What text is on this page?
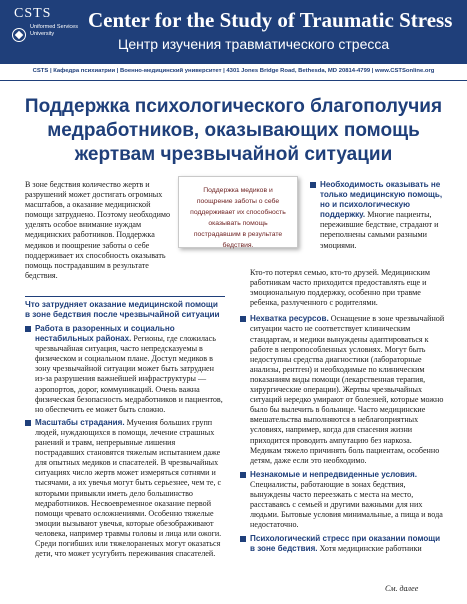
CSTS
Uniformed Services University
Center for the Study of Traumatic Stress
Центр изучения травматического стресса
CSTS | Кафедра психиатрии | Военно-медицинский университет | 4301 Jones Bridge Road, Bethesda, MD 20814-4799 | www.CSTSonline.org
Поддержка психологического благополучия медработников, оказывающих помощь жертвам чрезвычайной ситуации
В зоне бедствия количество жертв и разрушений может достигать огромных масштабов, а оказание медицинской помощи затруднено. Поэтому необходимо уделять особое внимание нуждам медицинских работников. Поддержка медиков и поощрение заботы о себе поддерживает их способность оказывать помощь пострадавшим в результате бедствия.
Поддержка медиков и поощрение заботы о себе поддерживает их способность оказывать помощь пострадавшим в результате бедствия.
Что затрудняет оказание медицинской помощи в зоне бедствия после чрезвычайной ситуации
Работа в разоренных и социально нестабильных районах. Регионы, где сложилась чрезвычайная ситуация, часто непредсказуемы в физическом и социальном плане. Доступ медиков в зону чрезвычайной ситуации может быть затруднен из-за разрушения важнейшей инфраструктуры — аэропортов, дорог, коммуникаций. Очень важна физическая безопасность медработников и пациентов, но обеспечить ее может быть сложно.
Масштабы страдания. Мучения больших групп людей, нуждающихся в помощи, лечение страшных ранений и травм, непрерывные лишения пострадавших становятся тяжелым испытанием даже для опытных медиков и спасателей. В чрезвычайных ситуациях число жертв может измеряться сотнями и тысячами, а их увечья могут быть серьезнее, чем те, с которыми привыкли иметь дело большинство медработников. Несвоевременное оказание первой помощи чревато осложнениями. Особенно тяжелые эмоции вызывают увечья, которые обезображивают человека, например травмы головы и лица или ожоги. Среди погибших или тяжелораненых могут оказаться дети, что может усугубить переживания спасателей.
Необходимость оказывать не только медицинскую помощь, но и психологическую поддержку. Многие пациенты, пережившие бедствие, страдают и переполнены самыми разными эмоциями.
Кто-то потерял семью, кто-то друзей. Медицинским работникам часто приходится предоставлять еще и эмоциональную поддержку, особенно при травме ребенка, разлученного с родителями.
Нехватка ресурсов. Оснащение в зоне чрезвычайной ситуации часто не соответствует клиническим стандартам, и медики вынуждены адаптироваться к работе в непропособленных условиях. Могут быть недоступны средства диагностики (лабораторные анализы, рентген) и необходимые по клиническим показаниям виды помощи (лекарственная терапия, хирургические операции). Жертвы чрезвычайных ситуаций нередко умирают от болезней, которые можно было бы вылечить в больнице. Часто медицинские вмешательства выполняются в неблагоприятных условиях, например, когда для спасения жизни приходится проводить ампутацию без наркоза. Медикам тяжело причинять боль пациентам, особенно детям, даже если это необходимо.
Незнакомые и непредвиденные условия. Специалисты, работающие в зонах бедствия, вынуждены часто переезжать с места на место, расставаясь с семьей и другими важными для них людьми. Бытовые условия минимальные, а пища и вода недостаточно.
Психологический стресс при оказании помощи в зоне бедствия. Хотя медицинские работники
См. далее
